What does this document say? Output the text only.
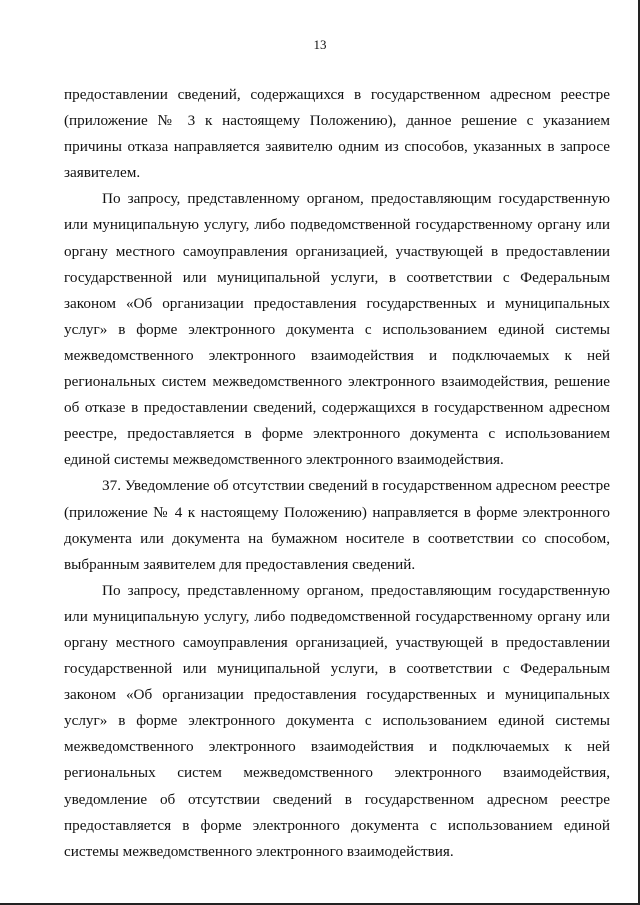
13

предоставлении сведений, содержащихся в государственном адресном реестре (приложение № 3 к настоящему Положению), данное решение с указанием причины отказа направляется заявителю одним из способов, указанных в запросе заявителем.

По запросу, представленному органом, предоставляющим государственную или муниципальную услугу, либо подведомственной государственному органу или органу местного самоуправления организацией, участвующей в предоставлении государственной или муниципальной услуги, в соответствии с Федеральным законом «Об организации предоставления государственных и муниципальных услуг» в форме электронного документа с использованием единой системы межведомственного электронного взаимодействия и подключаемых к ней региональных систем межведомственного электронного взаимодействия, решение об отказе в предоставлении сведений, содержащихся в государственном адресном реестре, предоставляется в форме электронного документа с использованием единой системы межведомственного электронного взаимодействия.

37. Уведомление об отсутствии сведений в государственном адресном реестре (приложение № 4 к настоящему Положению) направляется в форме электронного документа или документа на бумажном носителе в соответствии со способом, выбранным заявителем для предоставления сведений.

По запросу, представленному органом, предоставляющим государственную или муниципальную услугу, либо подведомственной государственному органу или органу местного самоуправления организацией, участвующей в предоставлении государственной или муниципальной услуги, в соответствии с Федеральным законом «Об организации предоставления государственных и муниципальных услуг» в форме электронного документа с использованием единой системы межведомственного электронного взаимодействия и подключаемых к ней региональных систем межведомственного электронного взаимодействия, уведомление об отсутствии сведений в государственном адресном реестре предоставляется в форме электронного документа с использованием единой системы межведомственного электронного взаимодействия.
